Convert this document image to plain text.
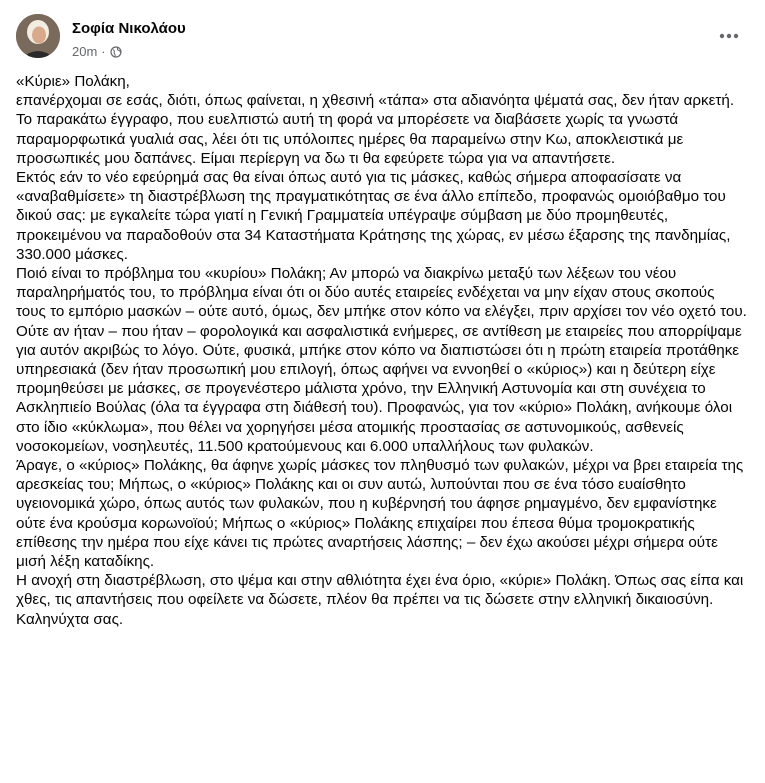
Σοφία Νικολάου
20m ·

«Κύριε» Πολάκη,

επανέρχομαι σε εσάς, διότι, όπως φαίνεται, η χθεσινή «τάπα» στα αδιανόητα ψέματά σας, δεν ήταν αρκετή. Το παρακάτω έγγραφο, που ευελπιστώ αυτή τη φορά να μπορέσετε να διαβάσετε χωρίς τα γνωστά παραμορφωτικά γυαλιά σας, λέει ότι τις υπόλοιπες ημέρες θα παραμείνω στην Κω, αποκλειστικά με προσωπικές μου δαπάνες. Είμαι περίεργη να δω τι θα εφεύρετε τώρα για να απαντήσετε.

Εκτός εάν το νέο εφεύρημά σας θα είναι όπως αυτό για τις μάσκες, καθώς σήμερα αποφασίσατε να «αναβαθμίσετε» τη διαστρέβλωση της πραγματικότητας σε ένα άλλο επίπεδο, προφανώς ομοιόβαθμο του δικού σας: με εγκαλείτε τώρα γιατί η Γενική Γραμματεία υπέγραψε σύμβαση με δύο προμηθευτές, προκειμένου να παραδοθούν στα 34 Καταστήματα Κράτησης της χώρας, εν μέσω έξαρσης της πανδημίας, 330.000 μάσκες.

Ποιό είναι το πρόβλημα του «κυρίου» Πολάκη; Αν μπορώ να διακρίνω μεταξύ των λέξεων του νέου παραληρήματός του, το πρόβλημα είναι ότι οι δύο αυτές εταιρείες ενδέχεται να μην είχαν στους σκοπούς τους το εμπόριο μασκών – ούτε αυτό, όμως, δεν μπήκε στον κόπο να ελέγξει, πριν αρχίσει τον νέο οχετό του. Ούτε αν ήταν – που ήταν – φορολογικά και ασφαλιστικά ενήμερες, σε αντίθεση με εταιρείες που απορρίψαμε για αυτόν ακριβώς το λόγο. Ούτε, φυσικά, μπήκε στον κόπο να διαπιστώσει ότι η πρώτη εταιρεία προτάθηκε υπηρεσιακά (δεν ήταν προσωπική μου επιλογή, όπως αφήνει να εννοηθεί ο «κύριος») και η δεύτερη είχε προμηθεύσει με μάσκες, σε προγενέστερο μάλιστα χρόνο, την Ελληνική Αστυνομία και στη συνέχεια το Ασκληπιείο Βούλας (όλα τα έγγραφα στη διάθεσή του). Προφανώς, για τον «κύριο» Πολάκη, ανήκουμε όλοι στο ίδιο «κύκλωμα», που θέλει να χορηγήσει μέσα ατομικής προστασίας σε αστυνομικούς, ασθενείς νοσοκομείων, νοσηλευτές, 11.500 κρατούμενους και 6.000 υπαλλήλους των φυλακών.

Άραγε, ο «κύριος» Πολάκης, θα άφηνε χωρίς μάσκες τον πληθυσμό των φυλακών, μέχρι να βρει εταιρεία της αρεσκείας του; Μήπως, ο «κύριος» Πολάκης και οι συν αυτώ, λυπούνται που σε ένα τόσο ευαίσθητο υγειονομικά χώρο, όπως αυτός των φυλακών, που η κυβέρνησή του άφησε ρημαγμένο, δεν εμφανίστηκε ούτε ένα κρούσμα κορωνοϊού; Μήπως ο «κύριος» Πολάκης επιχαίρει που έπεσα θύμα τρομοκρατικής επίθεσης την ημέρα που είχε κάνει τις πρώτες αναρτήσεις λάσπης; – δεν έχω ακούσει μέχρι σήμερα ούτε μισή λέξη καταδίκης.

Η ανοχή στη διαστρέβλωση, στο ψέμα και στην αθλιότητα έχει ένα όριο, «κύριε» Πολάκη. Όπως σας είπα και χθες, τις απαντήσεις που οφείλετε να δώσετε, πλέον θα πρέπει να τις δώσετε στην ελληνική δικαιοσύνη. Καληνύχτα σας.
